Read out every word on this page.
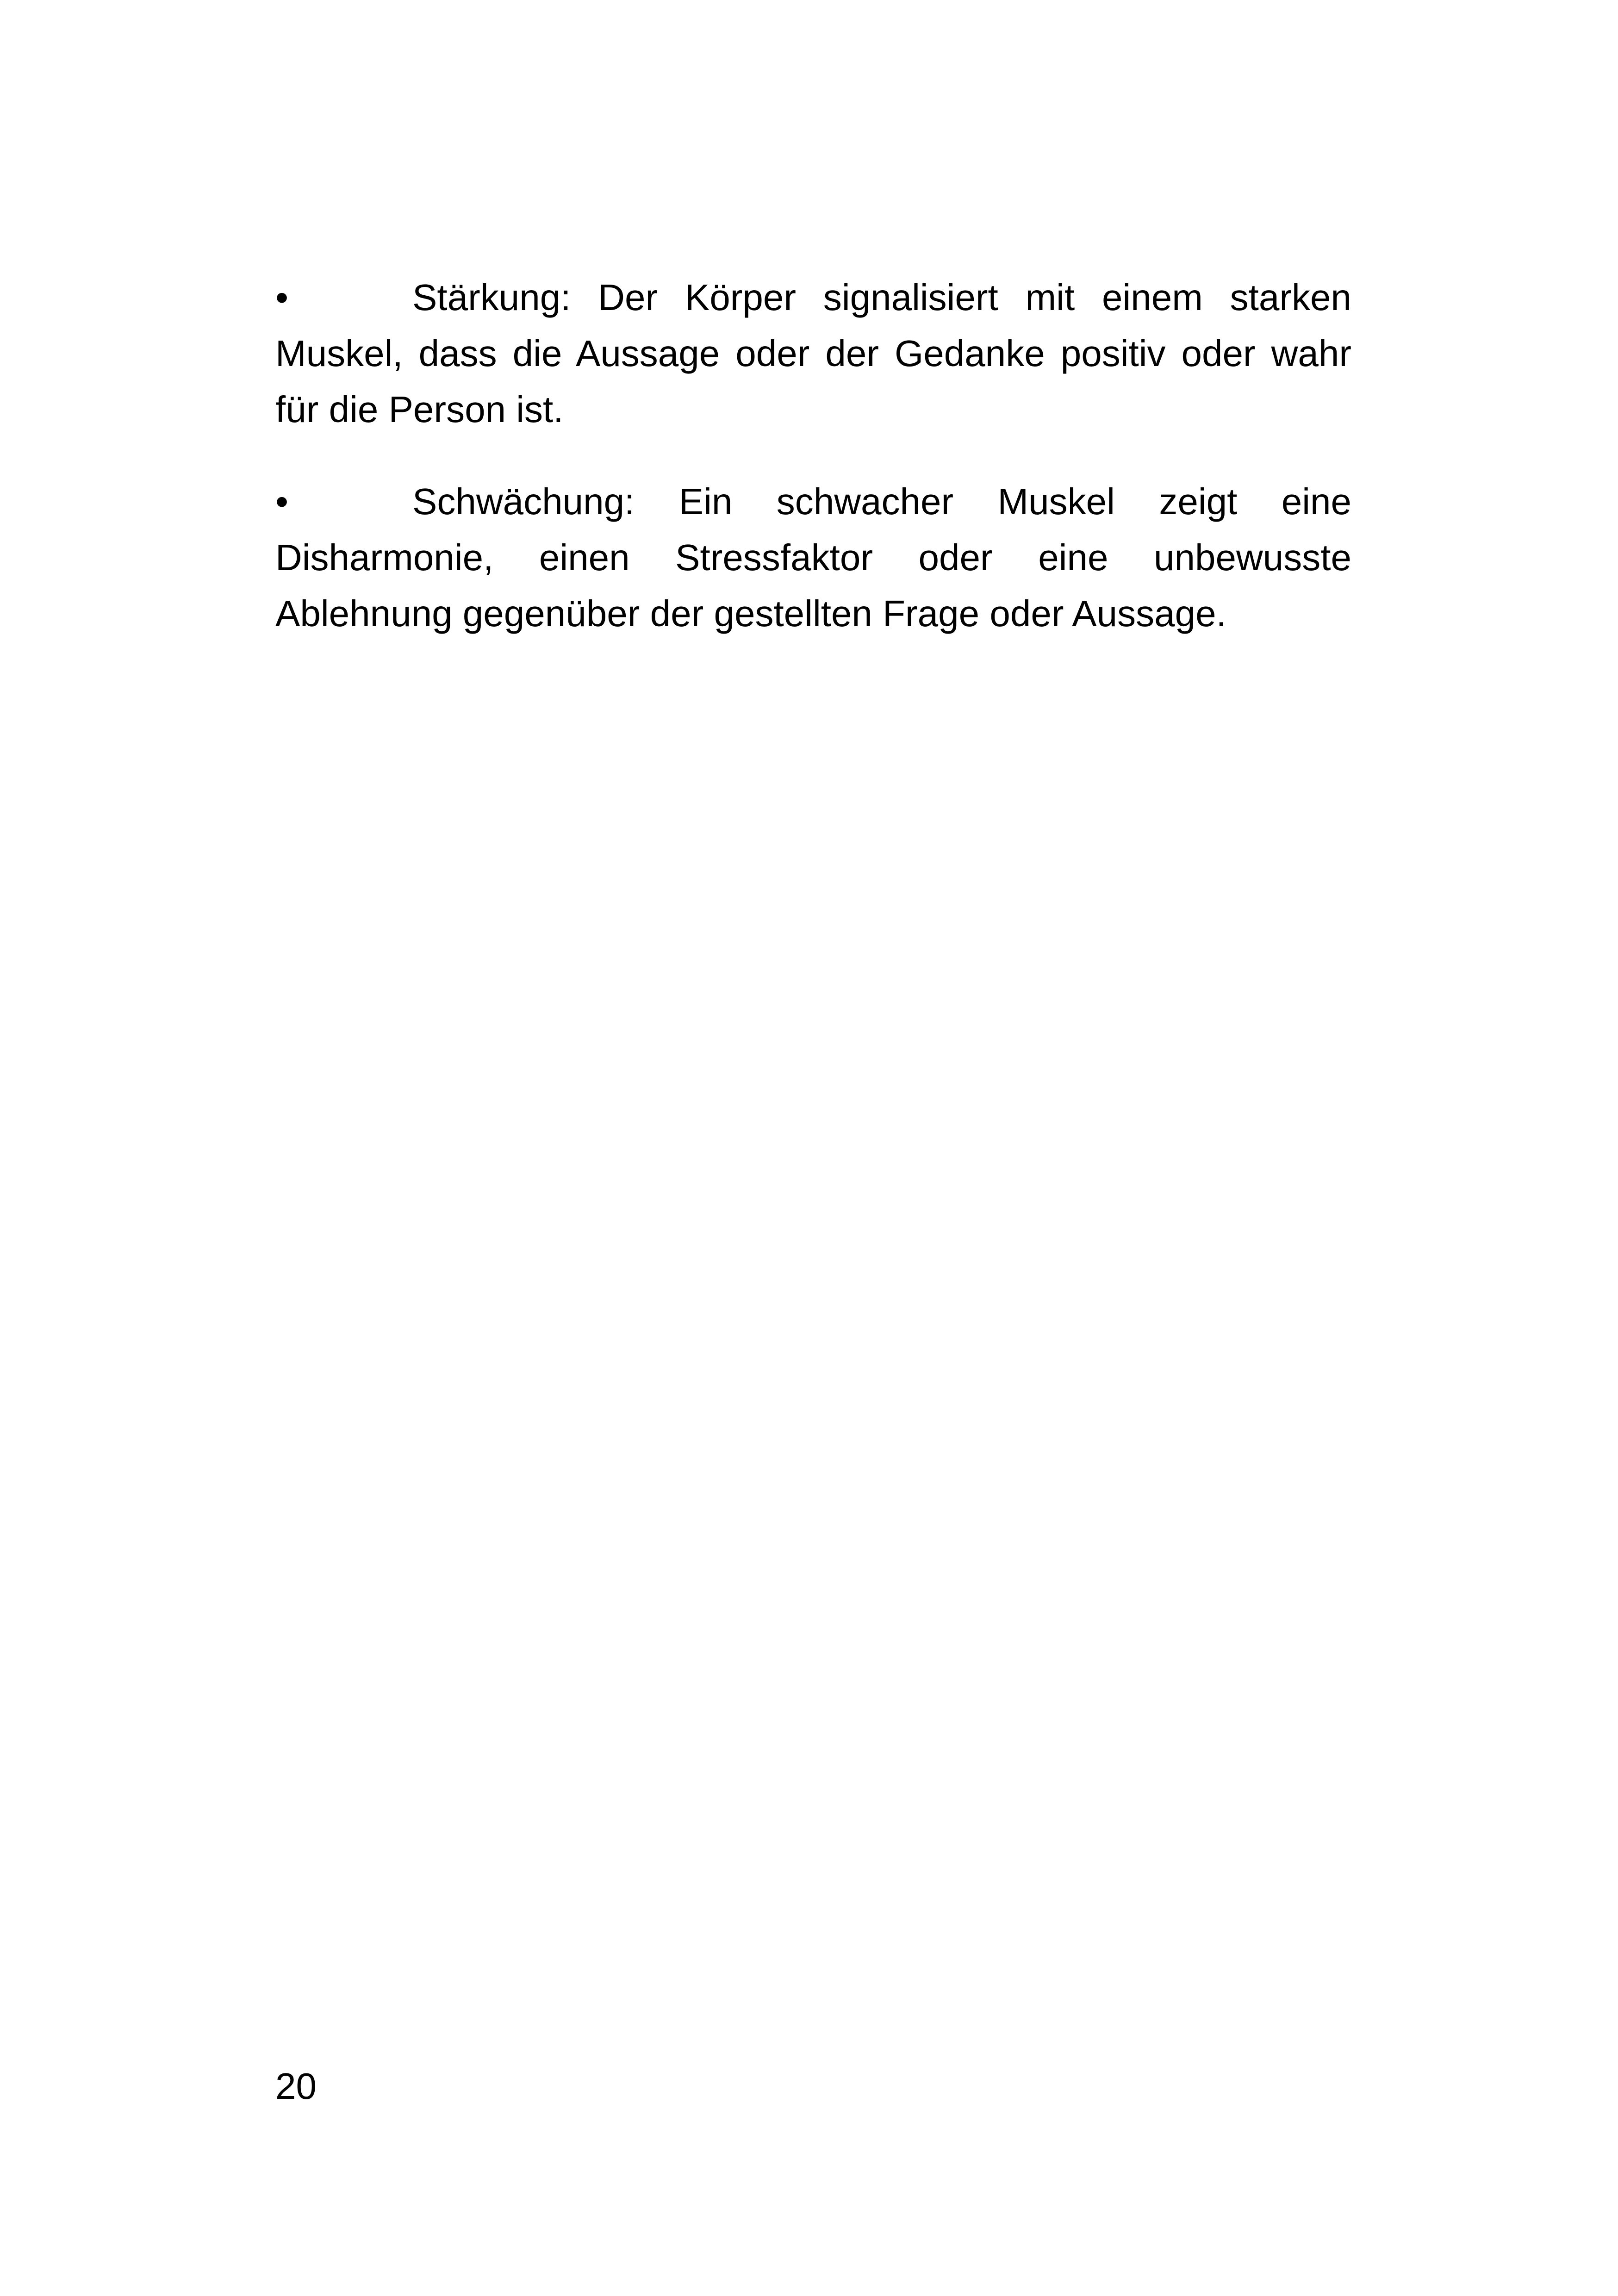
•	Stärkung: Der Körper signalisiert mit einem starken Muskel, dass die Aussage oder der Gedanke positiv oder wahr für die Person ist.

•	Schwächung: Ein schwacher Muskel zeigt eine Disharmonie, einen Stressfaktor oder eine unbewusste Ablehnung gegenüber der gestellten Frage oder Aussage.

20
